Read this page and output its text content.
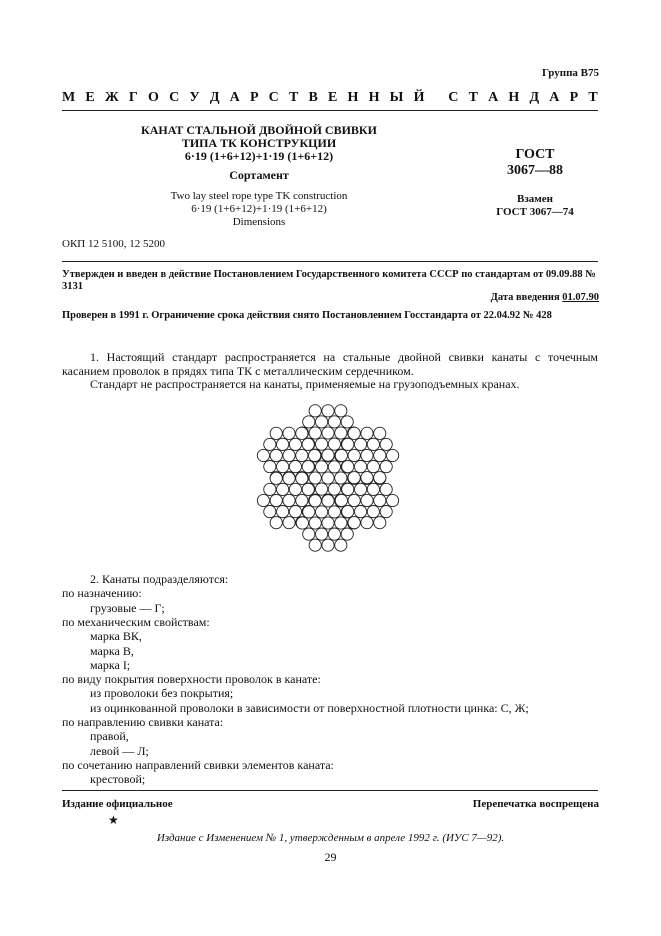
Группа В75
М Е Ж Г О С У Д А Р С Т В Е Н Н Ы Й
С Т А Н Д А Р Т
КАНАТ СТАЛЬНОЙ ДВОЙНОЙ СВИВКИ
ТИПА ТК КОНСТРУКЦИИ
6·19 (1+6+12)+1·19 (1+6+12)
Сортамент
Two lay steel rope type TK construction
6·19 (1+6+12)+1·19 (1+6+12)
Dimensions
ГОСТ
3067—88
Взамен
ГОСТ 3067—74
ОКП 12 5100, 12 5200
Утвержден и введен в действие Постановлением Государственного комитета СССР по стандартам от 09.09.88 № 3131
Дата введения 01.07.90
Проверен в 1991 г. Ограничение срока действия снято Постановлением Госстандарта от 22.04.92 № 428
1. Настоящий стандарт распространяется на стальные двойной свивки канаты с точечным касанием проволок в прядях типа ТК с металлическим сердечником.
Стандарт не распространяется на канаты, применяемые на грузоподъемных кранах.
2. Канаты подразделяются:
по назначению:
грузовые — Г;
по механическим свойствам:
марка ВК,
марка В,
марка I;
по виду покрытия поверхности проволок в канате:
из проволоки без покрытия;
из оцинкованной проволоки в зависимости от поверхностной плотности цинка: С, Ж;
по направлению свивки каната:
правой,
левой — Л;
по сочетанию направлений свивки элементов каната:
крестовой;
Издание официальное	Перепечатка воспрещена
★
Издание с Изменением № 1, утвержденным в апреле 1992 г. (ИУС 7—92).
29
